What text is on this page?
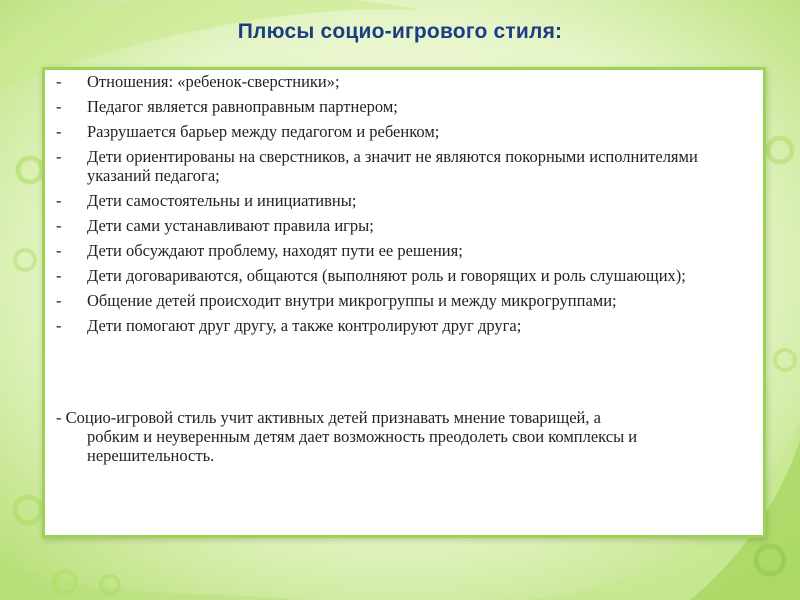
Плюсы социо-игрового стиля:
-	Отношения: «ребенок-сверстники»;
-	Педагог является равноправным партнером;
-	Разрушается барьер между педагогом и ребенком;
-	Дети ориентированы на сверстников, а значит не являются покорными исполнителями указаний педагога;
-	Дети самостоятельны и инициативны;
-	Дети сами устанавливают правила игры;
-	Дети обсуждают проблему, находят пути ее решения;
-	Дети договариваются, общаются (выполняют роль и говорящих и роль слушающих);
-	Общение детей происходит внутри микрогруппы и между микрогруппами;
-	Дети помогают друг другу, а также контролируют друг друга;

- Социо-игровой стиль учит активных детей признавать мнение товарищей, а
робким и неуверенным детям дает возможность преодолеть свои комплексы и нерешительность.
